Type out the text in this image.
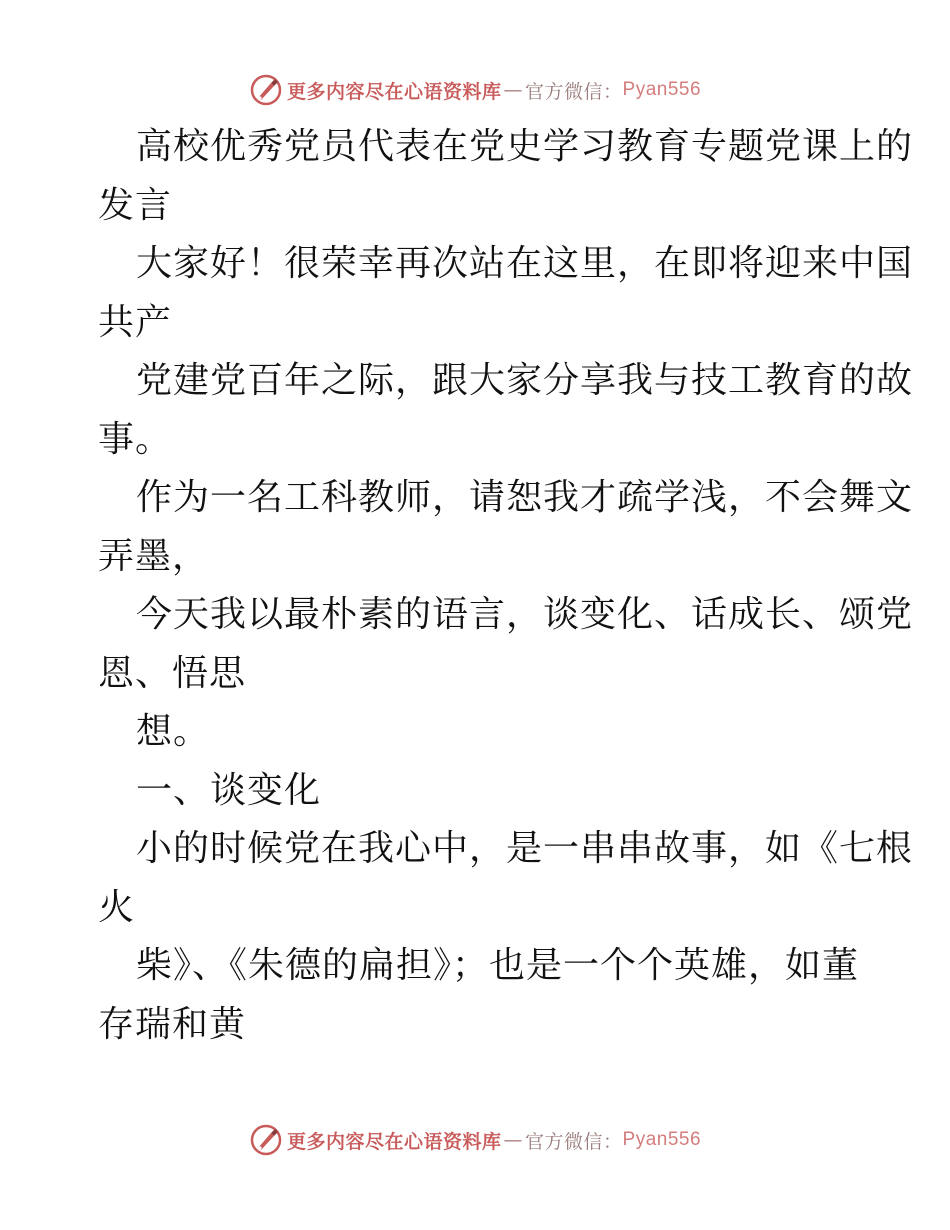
更多内容尽在心语资料库 — 官方微信 ： Pyan556
高校优秀党员代表在党史学习教育专题党课上的
发言
大家好！很荣幸再次站在这里，在即将迎来中国
共产
党建党百年之际，跟大家分享我与技工教育的故
事。
作为一名工科教师，请恕我才疏学浅，不会舞文
弄墨，
今天我以最朴素的语言，谈变化、话成长、颂党
恩、悟思
想。
一、谈变化
小的时候党在我心中，是一串串故事，如《七根
火
柴》、《朱德的扁担》；也是一个个英雄，如董
存瑞和黄
更多内容尽在心语资料库 — 官方微信 ： Pyan556
